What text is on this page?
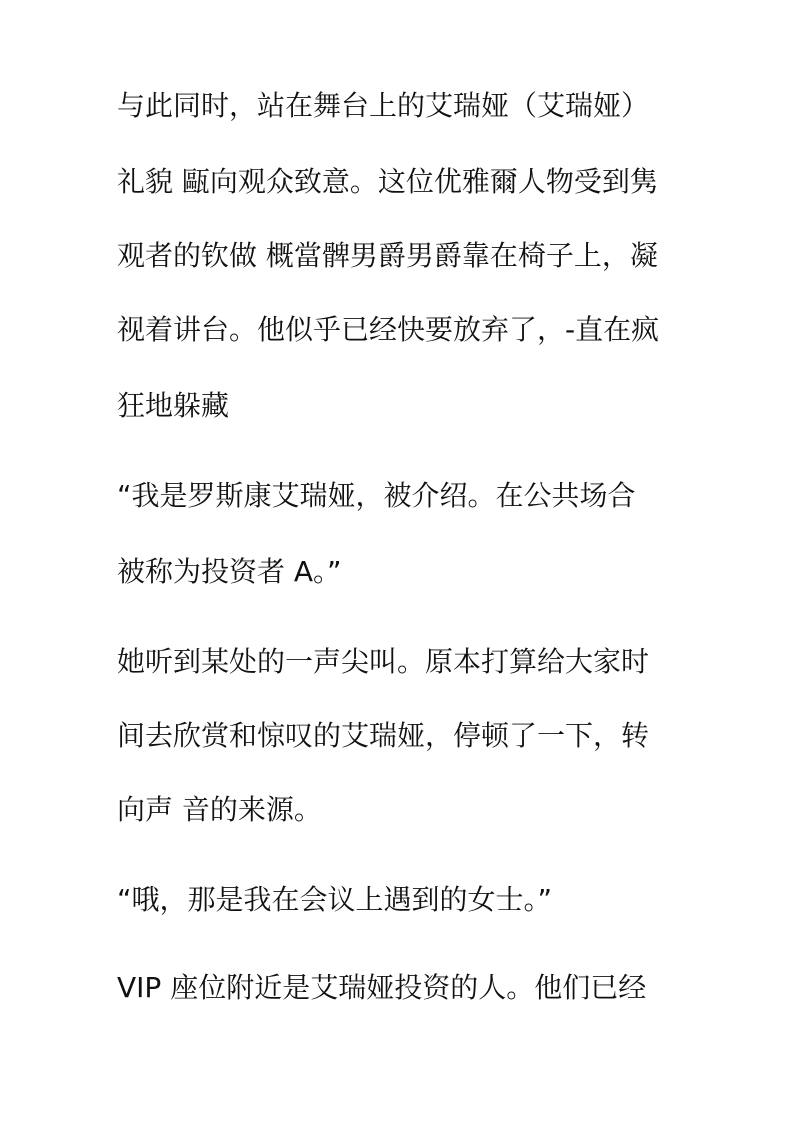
与此同时，站在舞台上的艾瑞娅（艾瑞娅）
礼貌 甌向观众致意。这位优雅爾人物受到隽
观者的钦做 概當髀男爵男爵靠在椅子上，凝
视着讲台。他似乎已经快要放弃了，-直在疯
狂地躲藏
“我是罗斯康艾瑞娅，被介绍。在公共场合
被称为投资者 A。”
她听到某处的一声尖叫。原本打算给大家时
间去欣赏和惊叹的艾瑞娅，停顿了一下，转
向声 音的来源。
“哦，那是我在会议上遇到的女士。”
VIP 座位附近是艾瑞娅投资的人。他们已经
